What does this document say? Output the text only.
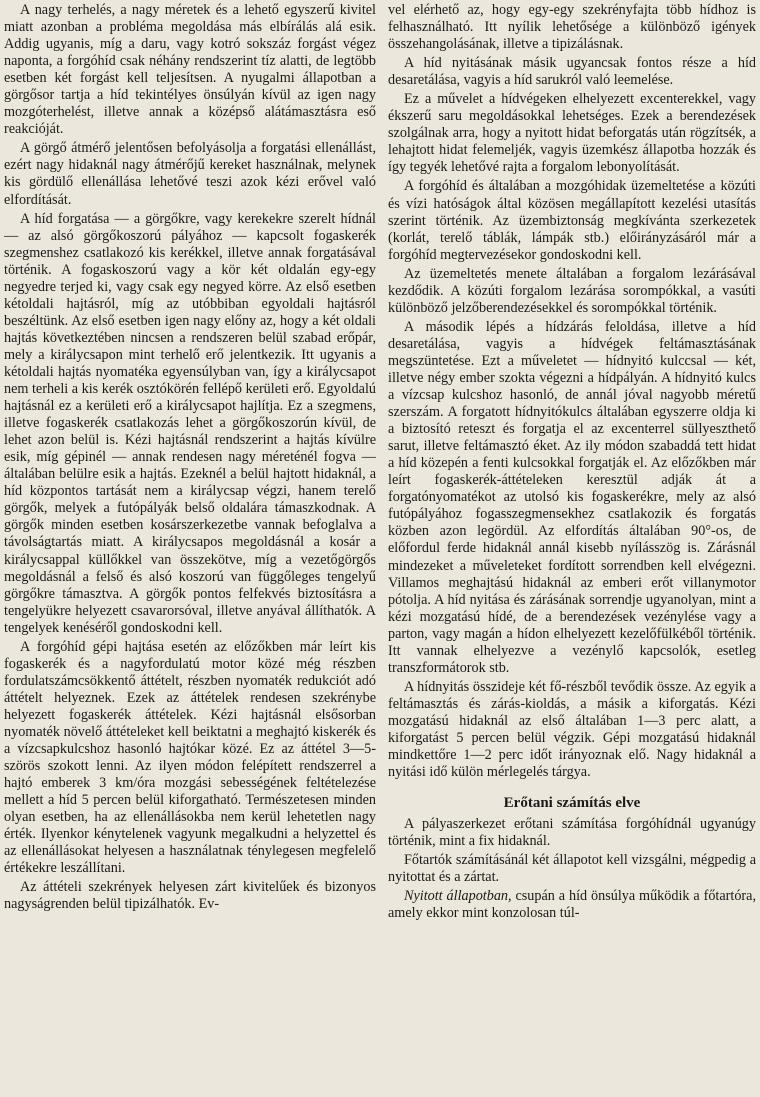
A nagy terhelés, a nagy méretek és a lehető egyszerű kivitel miatt azonban a probléma megoldása más elbírálás alá esik. Addig ugyanis, míg a daru, vagy kotró sokszáz forgást végez naponta, a forgóhíd csak néhány rendszerint tíz alatti, de legtöbb esetben két forgást kell teljesítsen. A nyugalmi állapotban a görgősor tartja a híd tekintélyes önsúlyán kívül az igen nagy mozgóterhelést, illetve annak a középső alátámasztásra eső reakcióját.

A görgő átmérő jelentősen befolyásolja a forgatási ellenállást, ezért nagy hidaknál nagy átmérőjű kereket használnak, melynek kis gördülő ellenállása lehetővé teszi azok kézi erővel való elfordítását.

A híd forgatása — a görgőkre, vagy kerekekre szerelt hídnál — az alsó görgőkoszorú pályához — kapcsolt fogaskerék szegmenshez csatlakozó kis kerékkel, illetve annak forgatásával történik. A fogaskoszorú vagy a kör két oldalán egy-egy negyedre terjed ki, vagy csak egy negyed körre. Az első esetben kétoldali hajtásról, míg az utóbbiban egyoldali hajtásról beszéltünk. Az első esetben igen nagy előny az, hogy a két oldali hajtás következtében nincsen a rendszeren belül szabad erőpár, mely a királycsapon mint terhelő erő jelentkezik. Itt ugyanis a kétoldali hajtás nyomatéka egyensúlyban van, így a királycsapot nem terheli a kis kerék osztókörén fellépő kerületi erő. Egyoldalú hajtásnál ez a kerületi erő a királycsapot hajlítja. Ez a szegmens, illetve fogaskerék csatlakozás lehet a görgőkoszorún kívül, de lehet azon belül is. Kézi hajtásnál rendszerint a hajtás kívülre esik, míg gépinél — annak rendesen nagy méreténél fogva — általában belülre esik a hajtás. Ezeknél a belül hajtott hidaknál, a híd központos tartását nem a királycsap végzi, hanem terelő görgők, melyek a futópályák belső oldalára támaszkodnak. A görgők minden esetben kosárszerkezetbe vannak befoglalva a távolságtartás miatt. A királycsapos megoldásnál a kosár a királycsappal küllőkkel van összekötve, míg a vezetőgörgős megoldásnál a felső és alsó koszorú van függőleges tengelyű görgőkre támasztva. A görgők pontos felfekvés biztosításra a tengelyükre helyezett csavarorsóval, illetve anyával állíthatók. A tengelyek kenéséről gondoskodni kell.

A forgóhíd gépi hajtása esetén az előzőkben már leírt kis fogaskerék és a nagyfordulatú motor közé még részben fordulatszámcsökkentő áttételt, részben nyomaték redukciót adó áttételt helyeznek. Ezek az áttételek rendesen szekrénybe helyezett fogaskerék áttételek. Kézi hajtásnál elsősorban nyomaték növelő áttételeket kell beiktatni a meghajtó kiskerék és a vízcsapkulcshoz hasonló hajtókar közé. Ez az áttétel 3—5-szörös szokott lenni. Az ilyen módon felépített rendszerrel a hajtó emberek 3 km/óra mozgási sebességének feltételezése mellett a híd 5 percen belül kiforgatható. Természetesen minden olyan esetben, ha az ellenállásokba nem kerül lehetetlen nagy érték. Ilyenkor kénytelenek vagyunk megalkudni a helyzettel és az ellenállásokat helyesen a használatnak ténylegesen megfelelő értékekre leszállítani.

Az áttételi szekrények helyesen zárt kivitelűek és bizonyos nagyságrenden belül tipizálhatók. Ev-

vel elérhető az, hogy egy-egy szekrényfajta több hídhoz is felhasználható. Itt nyílik lehetősége a különböző igények összehangolásának, illetve a tipizálásnak.

A híd nyitásának másik ugyancsak fontos része a híd desaretálása, vagyis a híd sarukról való leemelése.

Ez a művelet a hídvégeken elhelyezett excenterekkel, vagy ékszerű saru megoldásokkal lehetséges. Ezek a berendezések szolgálnak arra, hogy a nyitott hidat beforgatás után rögzítsék, a lehajtott hidat felemeljék, vagyis üzemkész állapotba hozzák és így tegyék lehetővé rajta a forgalom lebonyolítását.

A forgóhíd és általában a mozgóhidak üzemeltetése a közúti és vízi hatóságok által közösen megállapított kezelési utasítás szerint történik. Az üzembiztonság megkívánta szerkezetek (korlát, terelő táblák, lámpák stb.) előirányzásáról már a forgóhíd megtervezésekor gondoskodni kell.

Az üzemeltetés menete általában a forgalom lezárásával kezdődik. A közúti forgalom lezárása sorompókkal, a vasúti különböző jelzőberendezésekkel és sorompókkal történik.

A második lépés a hídzárás feloldása, illetve a híd desaretálása, vagyis a hídvégek feltámasztásának megszüntetése. Ezt a műveletet — hídnyitó kulccsal — két, illetve négy ember szokta végezni a hídpályán. A hídnyitó kulcs a vízcsap kulcshoz hasonló, de annál jóval nagyobb méretű szerszám. A forgatott hídnyitókulcs általában egyszerre oldja ki a biztosító reteszt és forgatja el az excenterrel süllyeszthető sarut, illetve feltámasztó éket. Az ily módon szabaddá tett hidat a híd közepén a fenti kulcsokkal forgatják el. Az előzőkben már leírt fogaskerék-áttételeken keresztül adják át a forgatónyomatékot az utolsó kis fogaskerékre, mely az alsó futópályához fogasszegmensekhez csatlakozik és forgatás közben azon legördül. Az elfordítás általában 90°-os, de előfordul ferde hidaknál annál kisebb nyílásszög is. Zárásnál mindezeket a műveleteket fordított sorrendben kell elvégezni. Villamos meghajtású hidaknál az emberi erőt villanymotor pótolja. A híd nyitása és zárásának sorrendje ugyanolyan, mint a kézi mozgatású hídé, de a berendezések vezénylése vagy a parton, vagy magán a hídon elhelyezett kezelőfülkéből történik. Itt vannak elhelyezve a vezénylő kapcsolók, esetleg transzformátorok stb.

A hídnyitás összideje két fő-részből tevődik össze. Az egyik a feltámasztás és zárás-kioldás, a másik a kiforgatás. Kézi mozgatású hidaknál az első általában 1—3 perc alatt, a kiforgatást 5 percen belül végzik. Gépi mozgatású hidaknál mindkettőre 1—2 perc időt irányoznak elő. Nagy hidaknál a nyitási idő külön mérlegelés tárgya.

Erőtani számítás elve

A pályaszerkezet erőtani számítása forgóhídnál ugyanúgy történik, mint a fix hidaknál.

Főtartók számításánál két állapotot kell vizsgálni, mégpedig a nyitottat és a zártat.

Nyitott állapotban, csupán a híd önsúlya működik a főtartóra, amely ekkor mint konzolosan túl-
